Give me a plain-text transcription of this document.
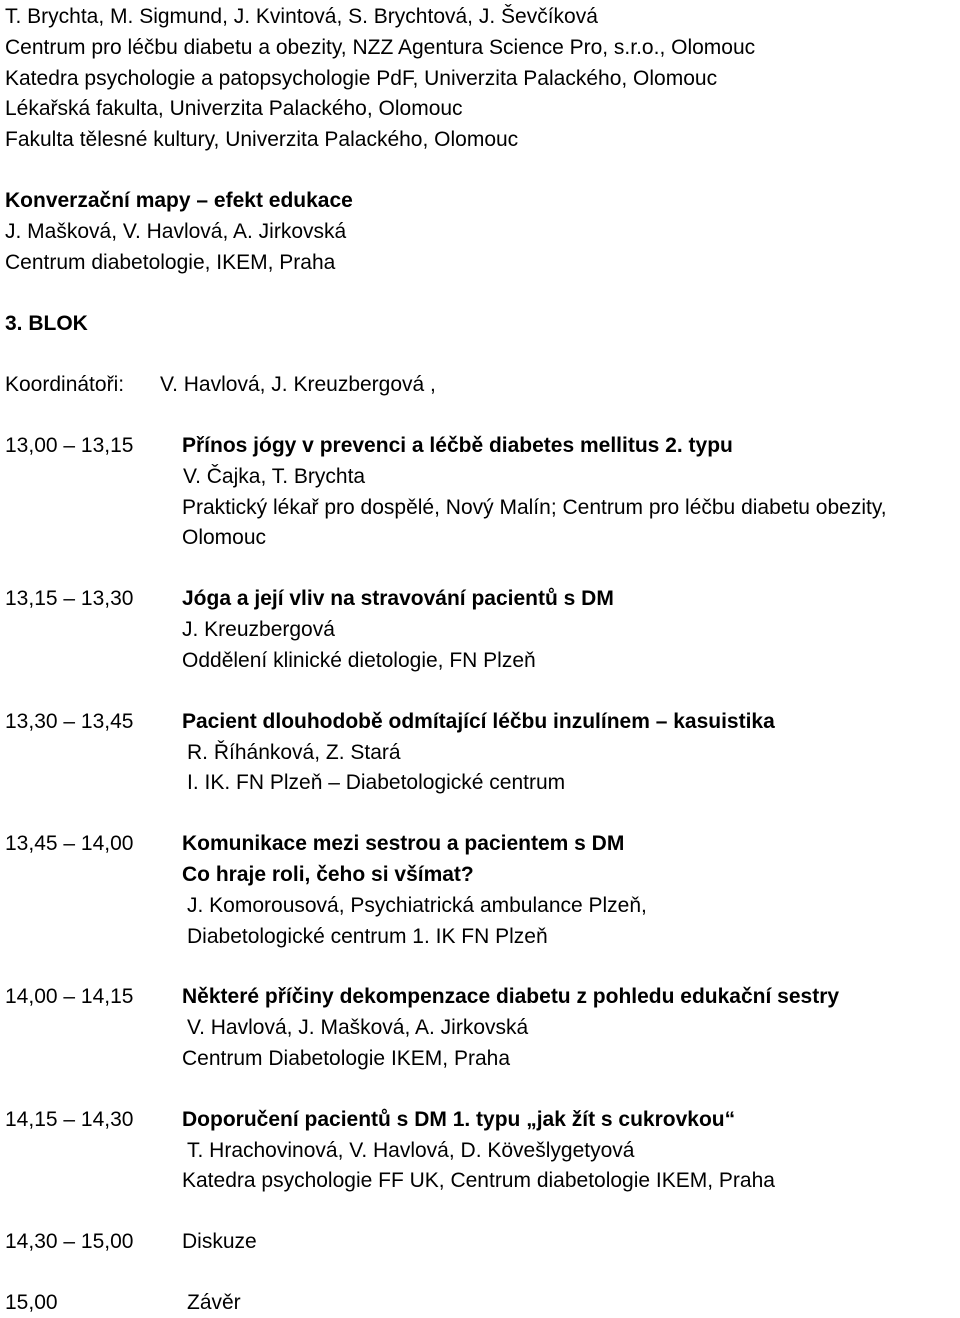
T. Brychta, M. Sigmund, J. Kvintová, S. Brychtová, J. Ševčíková
Centrum pro léčbu diabetu a obezity, NZZ Agentura Science Pro, s.r.o., Olomouc
Katedra psychologie a patopsychologie PdF, Univerzita Palackého, Olomouc
Lékařská fakulta, Univerzita Palackého, Olomouc
Fakulta tělesné kultury, Univerzita Palackého, Olomouc
Konverzační mapy – efekt edukace
J. Mašková, V. Havlová, A. Jirkovská
Centrum diabetologie, IKEM, Praha
3. BLOK
Koordinátoři: V. Havlová, J. Kreuzbergová ,
13,00 – 13,15 Přínos jógy v prevenci a léčbě diabetes mellitus 2. typu
V. Čajka, T. Brychta
Praktický lékař pro dospělé, Nový Malín; Centrum pro léčbu diabetu obezity,
Olomouc
13,15 – 13,30 Jóga a její vliv na stravování pacientů s DM
J. Kreuzbergová
Oddělení klinické dietologie, FN Plzeň
13,30 – 13,45 Pacient dlouhodobě odmítající léčbu inzulínem – kasuistika
R. Říhánková, Z. Stará
I. IK. FN Plzeň – Diabetologické centrum
13,45 – 14,00 Komunikace mezi sestrou a pacientem s DM
Co hraje roli, čeho si všímat?
J. Komorousová, Psychiatrická ambulance Plzeň,
Diabetologické centrum 1. IK FN Plzeň
14,00 – 14,15 Některé příčiny dekompenzace diabetu z pohledu edukační sestry
V. Havlová, J. Mašková, A. Jirkovská
Centrum Diabetologie IKEM, Praha
14,15 – 14,30 Doporučení pacientů s DM 1. typu „jak žít s cukrovkou“
T. Hrachovinová, V. Havlová, D. Kövešlygetyová
Katedra psychologie FF UK, Centrum diabetologie IKEM, Praha
14,30 – 15,00 Diskuze
15,00	Závěr
